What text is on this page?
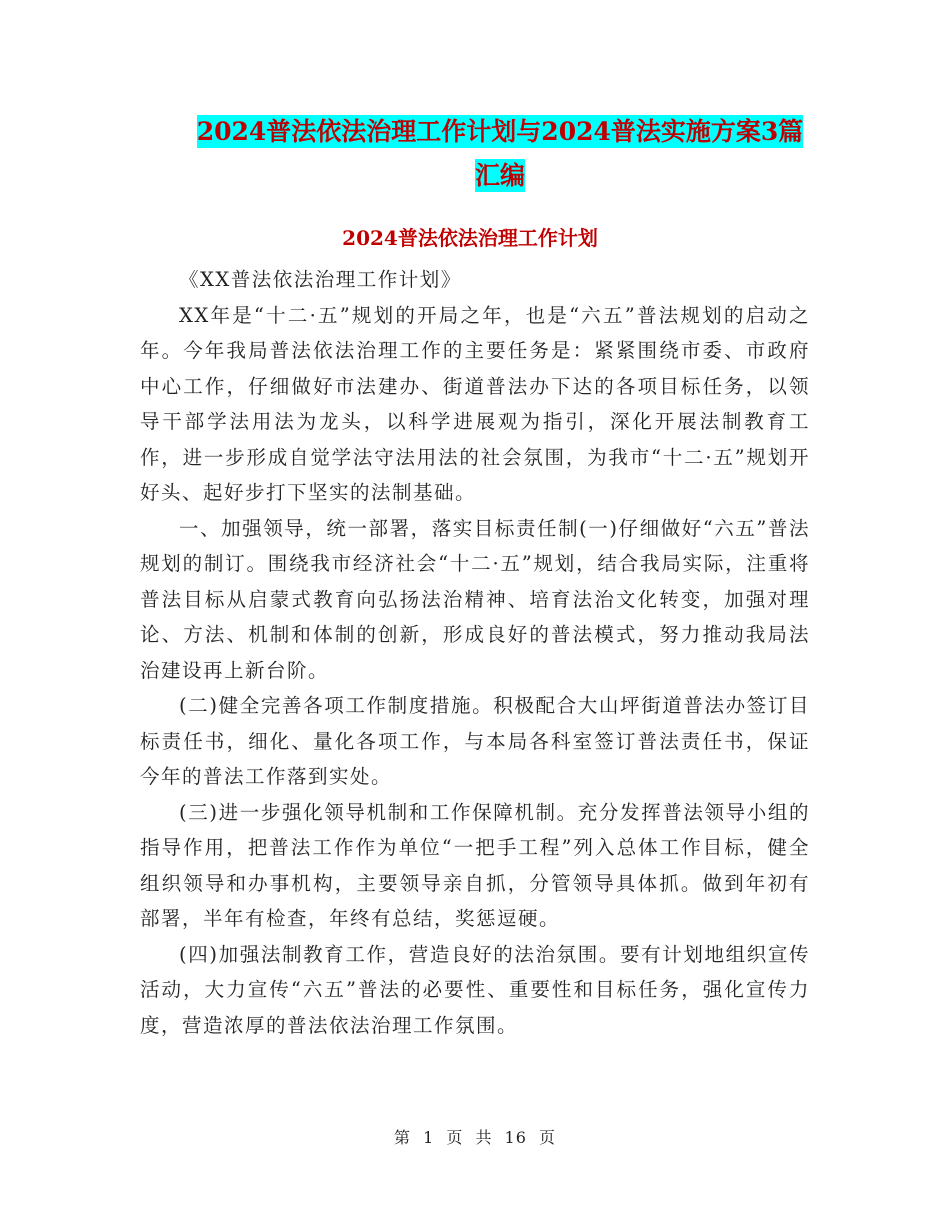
2024普法依法治理工作计划与2024普法实施方案3篇
汇编
2024普法依法治理工作计划

《XX普法依法治理工作计划》

XX年是“十二·五”规划的开局之年，也是“六五”普法规划的启动之年。今年我局普法依法治理工作的主要任务是：紧紧围绕市委、市政府中心工作，仔细做好市法建办、街道普法办下达的各项目标任务，以领导干部学法用法为龙头，以科学进展观为指引，深化开展法制教育工作，进一步形成自觉学法守法用法的社会氛围，为我市“十二·五”规划开好头、起好步打下坚实的法制基础。

一、加强领导，统一部署，落实目标责任制(一)仔细做好“六五”普法规划的制订。围绕我市经济社会“十二·五”规划，结合我局实际，注重将普法目标从启蒙式教育向弘扬法治精神、培育法治文化转变，加强对理论、方法、机制和体制的创新，形成良好的普法模式，努力推动我局法治建设再上新台阶。

(二)健全完善各项工作制度措施。积极配合大山坪街道普法办签订目标责任书，细化、量化各项工作，与本局各科室签订普法责任书，保证今年的普法工作落到实处。

(三)进一步强化领导机制和工作保障机制。充分发挥普法领导小组的指导作用，把普法工作作为单位“一把手工程”列入总体工作目标，健全组织领导和办事机构，主要领导亲自抓，分管领导具体抓。做到年初有部署，半年有检查，年终有总结，奖惩逗硬。

(四)加强法制教育工作，营造良好的法治氛围。要有计划地组织宣传活动，大力宣传“六五”普法的必要性、重要性和目标任务，强化宣传力度，营造浓厚的普法依法治理工作氛围。

第 1 页 共 16 页
